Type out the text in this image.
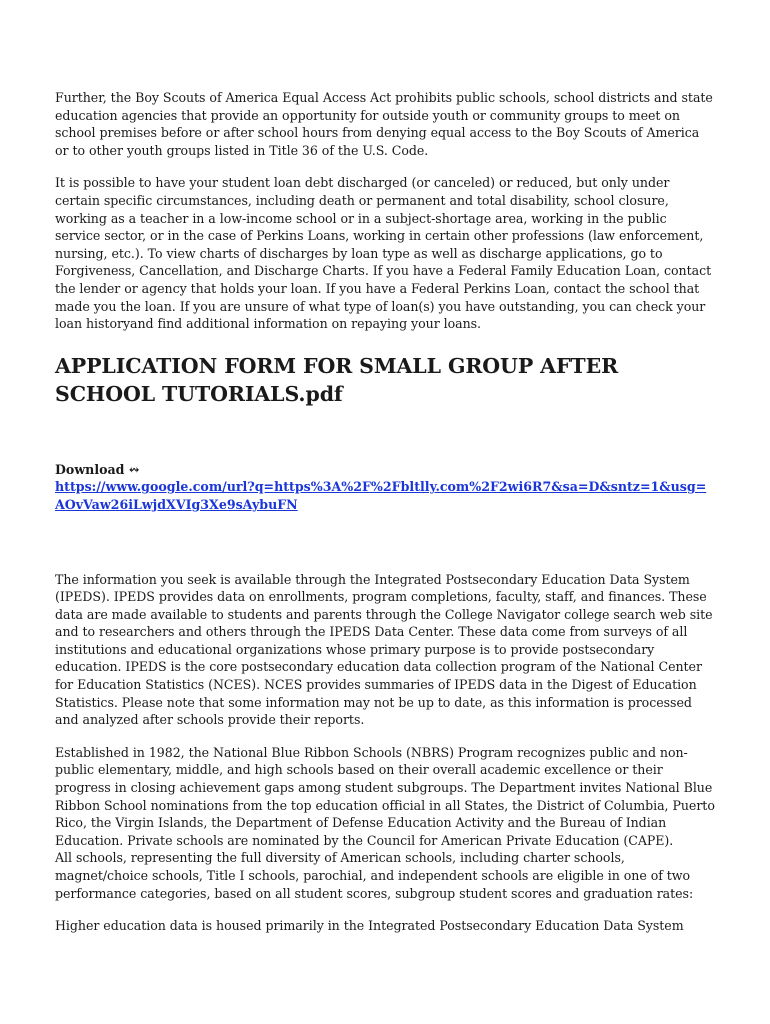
Further, the Boy Scouts of America Equal Access Act prohibits public schools, school districts and state education agencies that provide an opportunity for outside youth or community groups to meet on school premises before or after school hours from denying equal access to the Boy Scouts of America or to other youth groups listed in Title 36 of the U.S. Code.

It is possible to have your student loan debt discharged (or canceled) or reduced, but only under certain specific circumstances, including death or permanent and total disability, school closure, working as a teacher in a low-income school or in a subject-shortage area, working in the public service sector, or in the case of Perkins Loans, working in certain other professions (law enforcement, nursing, etc.). To view charts of discharges by loan type as well as discharge applications, go to Forgiveness, Cancellation, and Discharge Charts. If you have a Federal Family Education Loan, contact the lender or agency that holds your loan. If you have a Federal Perkins Loan, contact the school that made you the loan. If you are unsure of what type of loan(s) you have outstanding, you can check your loan historyand find additional information on repaying your loans.

APPLICATION FORM FOR SMALL GROUP AFTER SCHOOL TUTORIALS.pdf
Download ↭
https://www.google.com/url?q=https%3A%2F%2Fbltlly.com%2F2wi6R7&sa=D&sntz=1&usg=AOvVaw26iLwjdXVIg3Xe9sAybuFN

The information you seek is available through the Integrated Postsecondary Education Data System (IPEDS). IPEDS provides data on enrollments, program completions, faculty, staff, and finances. These data are made available to students and parents through the College Navigator college search web site and to researchers and others through the IPEDS Data Center. These data come from surveys of all institutions and educational organizations whose primary purpose is to provide postsecondary education. IPEDS is the core postsecondary education data collection program of the National Center for Education Statistics (NCES). NCES provides summaries of IPEDS data in the Digest of Education Statistics. Please note that some information may not be up to date, as this information is processed and analyzed after schools provide their reports.

Established in 1982, the National Blue Ribbon Schools (NBRS) Program recognizes public and non-public elementary, middle, and high schools based on their overall academic excellence or their progress in closing achievement gaps among student subgroups. The Department invites National Blue Ribbon School nominations from the top education official in all States, the District of Columbia, Puerto Rico, the Virgin Islands, the Department of Defense Education Activity and the Bureau of Indian Education. Private schools are nominated by the Council for American Private Education (CAPE).

All schools, representing the full diversity of American schools, including charter schools, magnet/choice schools, Title I schools, parochial, and independent schools are eligible in one of two performance categories, based on all student scores, subgroup student scores and graduation rates:

Higher education data is housed primarily in the Integrated Postsecondary Education Data System
